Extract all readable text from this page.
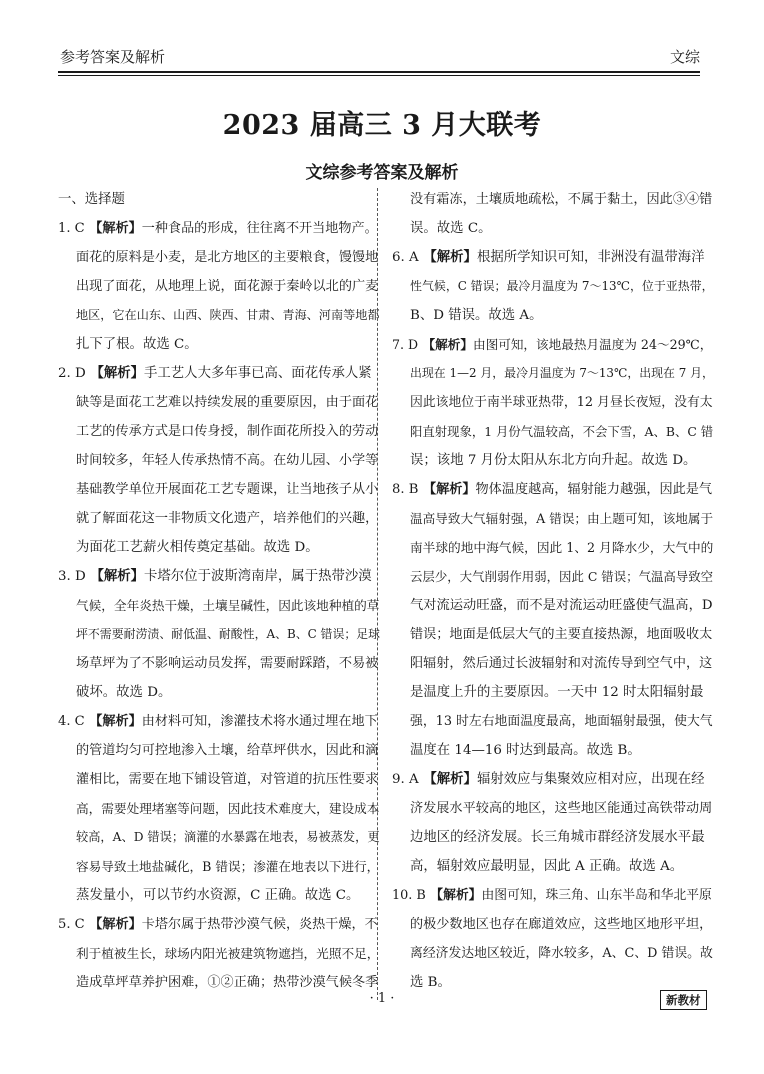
参考答案及解析	文综
2023 届高三 3 月大联考
文综参考答案及解析
一、选择题
1. C 【解析】一种食品的形成，往往离不开当地物产。
面花的原料是小麦，是北方地区的主要粮食，馒馒地
出现了面花，从地理上说，面花源于秦岭以北的广麦
地区，它在山东、山西、陕西、甘肃、青海、河南等地都
扎下了根。故选 C。
2. D 【解析】手工艺人大多年事已高、面花传承人紧
缺等是面花工艺难以持续发展的重要原因，由于面花
工艺的传承方式是口传身授，制作面花所投入的劳动
时间较多，年轻人传承热情不高。在幼儿园、小学等
基础教学单位开展面花工艺专题课，让当地孩子从小
就了解面花这一非物质文化遗产，培养他们的兴趣，
为面花工艺薪火相传奠定基础。故选 D。
3. D 【解析】卡塔尔位于波斯湾南岸，属于热带沙漠
气候，全年炎热干燥，土壤呈碱性，因此该地种植的草
坪不需要耐涝渍、耐低温、耐酸性，A、B、C 错误；足球
场草坪为了不影响运动员发挥，需要耐踩踏，不易被
破坏。故选 D。
4. C 【解析】由材料可知，渗灌技术将水通过埋在地下
的管道均匀可控地渗入土壤，给草坪供水，因此和滴
灌相比，需要在地下铺设管道，对管道的抗压性要求
高，需要处理堵塞等问题，因此技术难度大，建设成本
较高，A、D 错误；滴灌的水暴露在地表，易被蒸发，更
容易导致土地盐碱化，B 错误；渗灌在地表以下进行，
蒸发量小，可以节约水资源，C 正确。故选 C。
5. C 【解析】卡塔尔属于热带沙漠气候，炎热干燥，不
利于植被生长，球场内阳光被建筑物遮挡，光照不足，
造成草坪草养护困难，①②正确；热带沙漠气候冬季
没有霜冻，土壤质地疏松，不属于黏土，因此③④错
误。故选 C。
6. A 【解析】根据所学知识可知，非洲没有温带海洋
性气候，C 错误；最冷月温度为 7～13℃，位于亚热带，
B、D 错误。故选 A。
7. D 【解析】由图可知，该地最热月温度为 24～29℃，
出现在 1—2 月，最冷月温度为 7～13℃，出现在 7 月，
因此该地位于南半球亚热带，12 月昼长夜短，没有太
阳直射现象，1 月份气温较高，不会下雪，A、B、C 错
误；该地 7 月份太阳从东北方向升起。故选 D。
8. B 【解析】物体温度越高，辐射能力越强，因此是气
温高导致大气辐射强，A 错误；由上题可知，该地属于
南半球的地中海气候，因此 1、2 月降水少，大气中的
云层少，大气削弱作用弱，因此 C 错误；气温高导致空
气对流运动旺盛，而不是对流运动旺盛使气温高，D
错误；地面是低层大气的主要直接热源，地面吸收太
阳辐射，然后通过长波辐射和对流传导到空气中，这
是温度上升的主要原因。一天中 12 时太阳辐射最
强，13 时左右地面温度最高，地面辐射最强，使大气
温度在 14—16 时达到最高。故选 B。
9. A 【解析】辐射效应与集聚效应相对应，出现在经
济发展水平较高的地区，这些地区能通过高铁带动周
边地区的经济发展。长三角城市群经济发展水平最
高，辐射效应最明显，因此 A 正确。故选 A。
10. B 【解析】由图可知，珠三角、山东半岛和华北平原
的极少数地区也存在廊道效应，这些地区地形平坦，
离经济发达地区较近，降水较多，A、C、D 错误。故
选 B。
· 1 ·	新教材
